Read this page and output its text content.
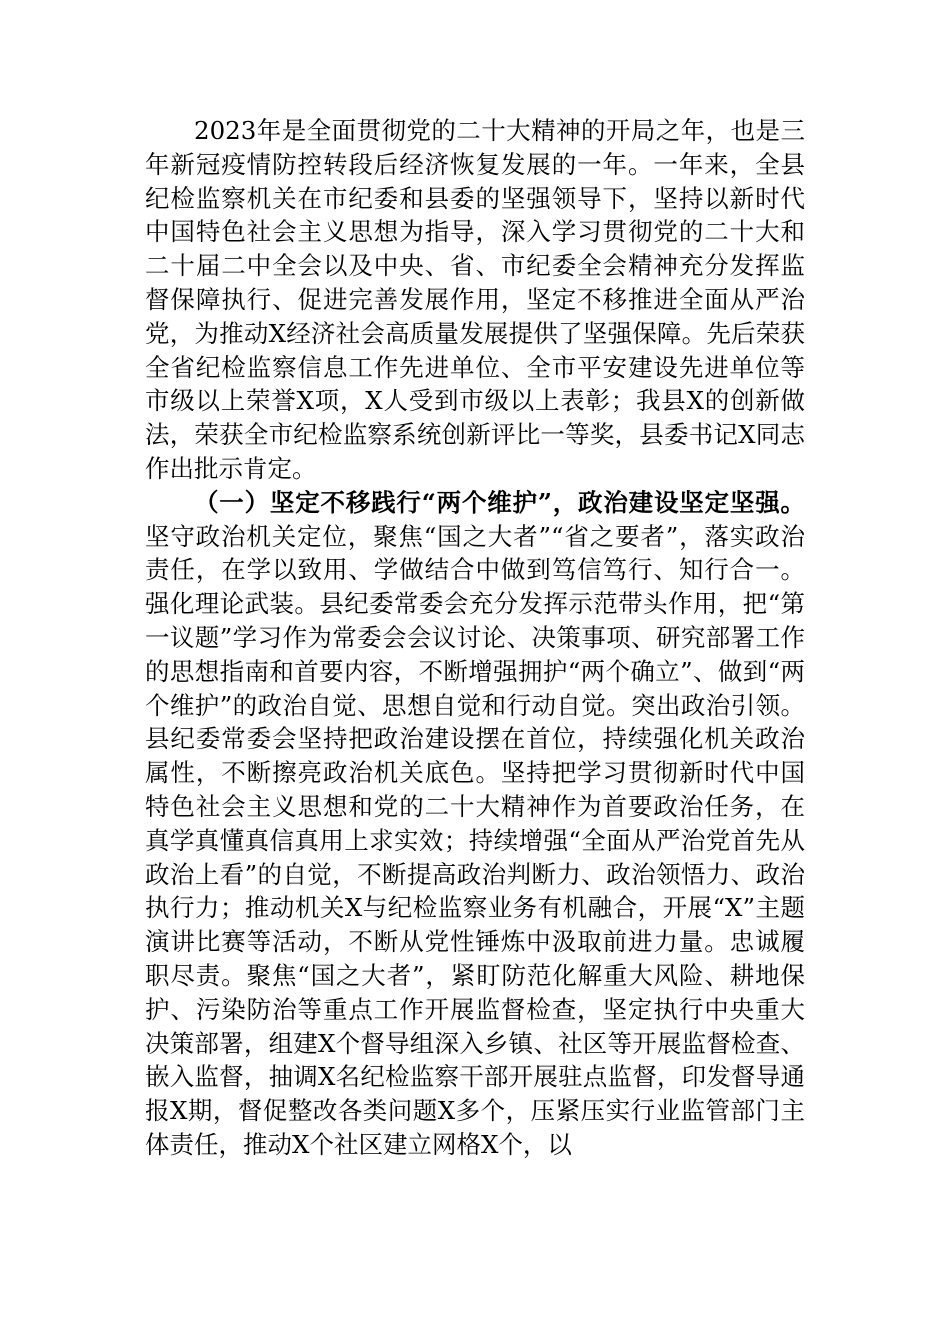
2023年是全面贯彻党的二十大精神的开局之年，也是三年新冠疫情防控转段后经济恢复发展的一年。一年来，全县纪检监察机关在市纪委和县委的坚强领导下，坚持以新时代中国特色社会主义思想为指导，深入学习贯彻党的二十大和二十届二中全会以及中央、省、市纪委全会精神充分发挥监督保障执行、促进完善发展作用，坚定不移推进全面从严治党，为推动X经济社会高质量发展提供了坚强保障。先后荣获全省纪检监察信息工作先进单位、全市平安建设先进单位等市级以上荣誉X项，X人受到市级以上表彰；我县X的创新做法，荣获全市纪检监察系统创新评比一等奖，县委书记X同志作出批示肯定。

（一）坚定不移践行“两个维护”，政治建设坚定坚强。坚守政治机关定位，聚焦“国之大者”“省之要者”，落实政治责任，在学以致用、学做结合中做到笃信笃行、知行合一。强化理论武装。县纪委常委会充分发挥示范带头作用，把“第一议题”学习作为常委会会议讨论、决策事项、研究部署工作的思想指南和首要内容，不断增强拥护“两个确立”、做到“两个维护”的政治自觉、思想自觉和行动自觉。突出政治引领。县纪委常委会坚持把政治建设摆在首位，持续强化机关政治属性，不断擦亮政治机关底色。坚持把学习贯彻新时代中国特色社会主义思想和党的二十大精神作为首要政治任务，在真学真懂真信真用上求实效；持续增强“全面从严治党首先从政治上看”的自觉，不断提高政治判断力、政治领悟力、政治执行力；推动机关X与纪检监察业务有机融合，开展“X”主题演讲比赛等活动，不断从党性锤炼中汲取前进力量。忠诚履职尽责。聚焦“国之大者”，紧盯防范化解重大风险、耕地保护、污染防治等重点工作开展监督检查，坚定执行中央重大决策部署，组建X个督导组深入乡镇、社区等开展监督检查、嵌入监督，抽调X名纪检监察干部开展驻点监督，印发督导通报X期，督促整改各类问题X多个，压紧压实行业监管部门主体责任，推动X个社区建立网格X个，以
